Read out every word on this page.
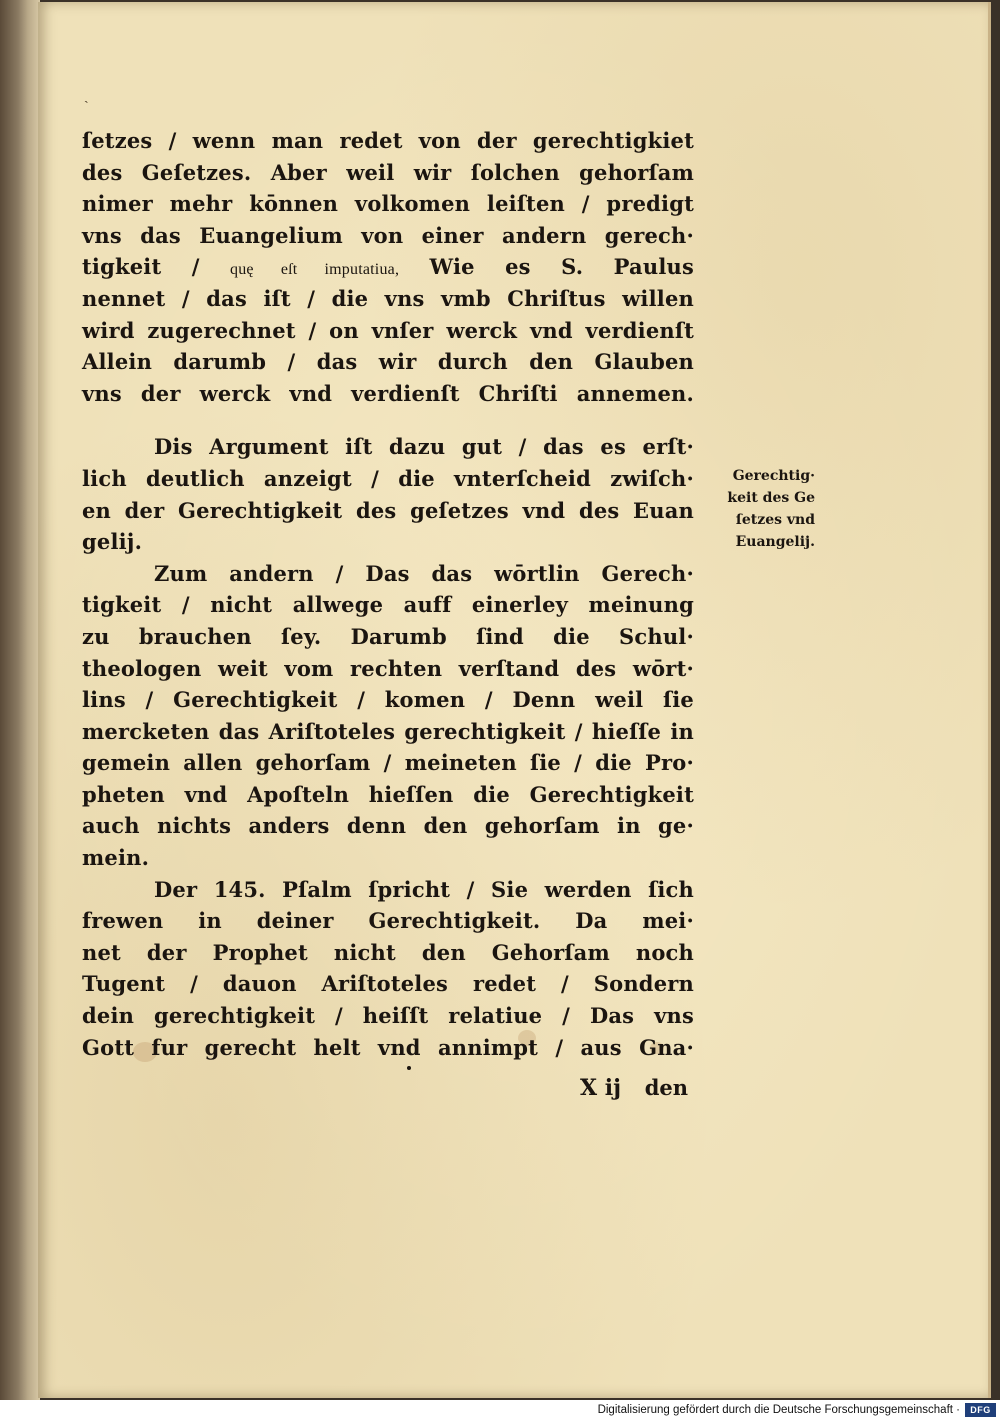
ˏ
ſetzes / wenn man redet von der gerechtigkiet
des Geſetzes. Aber weil wir ſolchen gehorſam
nimer mehr kōnnen volkomen leiſten / predigt
vns das Euangelium von einer andern gerech·
tigkeit / quę eſt imputatiua, Wie es S. Paulus
nennet / das iſt / die vns vmb Chriſtus willen
wird zugerechnet / on vnſer werck vnd verdienſt
Allein darumb / das wir durch den Glauben
vns der werck vnd verdienſt Chriſti annemen.
Dis Argument iſt dazu gut / das es erſt·
lich deutlich anzeigt / die vnterſcheid zwiſch·
en der Gerechtigkeit des geſetzes vnd des Euan
gelij.
Zum andern / Das das wōrtlin Gerech·
tigkeit / nicht allwege auff einerley meinung
zu brauchen ſey. Darumb ſind die Schul·
theologen weit vom rechten verſtand des wōrt·
lins / Gerechtigkeit / komen / Denn weil ſie
mercketen das Ariſtoteles gerechtigkeit / hieſſe in
gemein allen gehorſam / meineten ſie / die Pro·
pheten vnd Apoſteln hieſſen die Gerechtigkeit
auch nichts anders denn den gehorſam in ge·
mein.
Der 145. Pſalm ſpricht / Sie werden ſich
frewen in deiner Gerechtigkeit. Da mei·
net der Prophet nicht den Gehorſam noch
Tugent / dauon Ariſtoteles redet / Sondern
dein gerechtigkeit / heiſſt relatiue / Das vns
Gott fur gerecht helt vnd annimpt / aus Gna·
Gerechtig·
keit des Ge
ſetzes vnd
Euangelij.
X ij den
Digitalisierung gefördert durch die Deutsche Forschungsgemeinschaft ·	DFG
